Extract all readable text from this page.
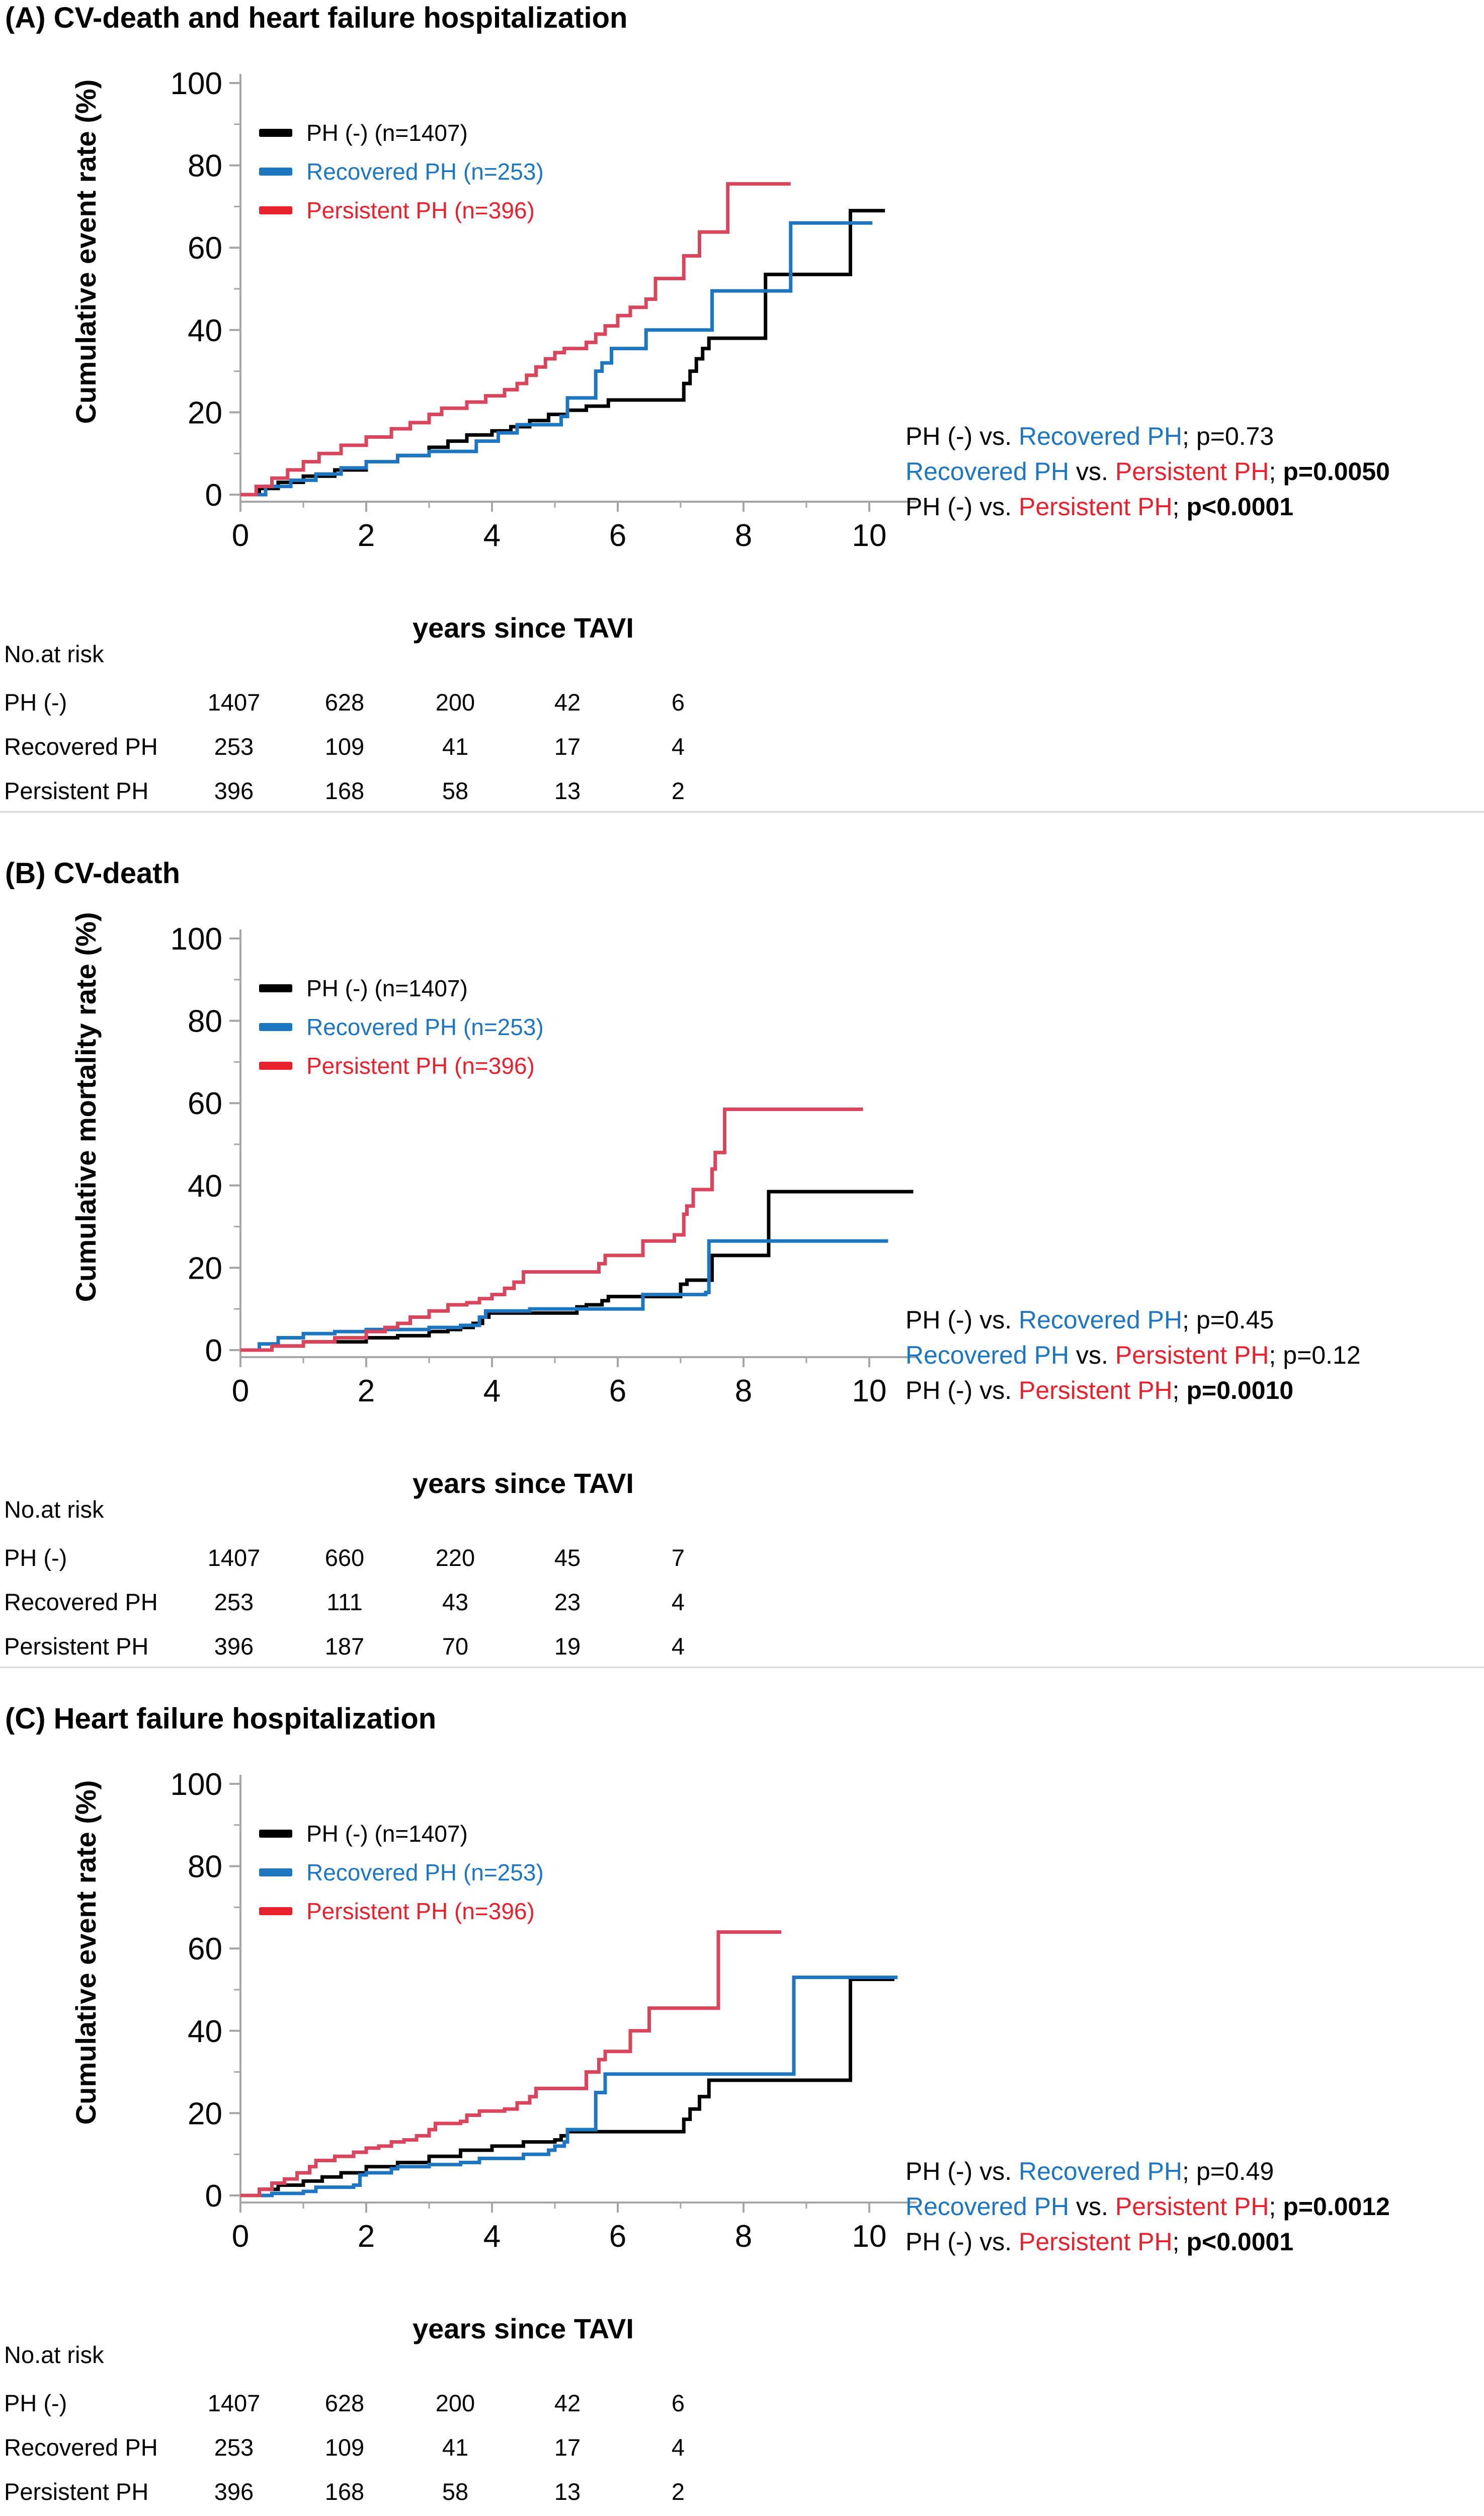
(A) CV-death and heart failure hospitalization
Cumulative event rate (%)
0
20
40
60
80
100
0	2	4	6	8	10
PH (-) (n=1407)
Recovered PH (n=253)
Persistent PH (n=396)
PH (-) vs. Recovered PH; p=0.73
Recovered PH vs. Persistent PH; p=0.0050
PH (-) vs. Persistent PH; p<0.0001
years since TAVI
No.at risk
PH (-)	1407	628	200	42	6
Recovered PH	253	109	41	17	4
Persistent PH	396	168	58	13	2
(B) CV-death
Cumulative mortality rate (%)
0
20
40
60
80
100
0	2	4	6	8	10
PH (-) (n=1407)
Recovered PH (n=253)
Persistent PH (n=396)
PH (-) vs. Recovered PH; p=0.45
Recovered PH vs. Persistent PH; p=0.12
PH (-) vs. Persistent PH; p=0.0010
years since TAVI
No.at risk
PH (-)	1407	660	220	45	7
Recovered PH	253	111	43	23	4
Persistent PH	396	187	70	19	4
(C) Heart failure hospitalization
Cumulative event rate (%)
0
20
40
60
80
100
0	2	4	6	8	10
PH (-) (n=1407)
Recovered PH (n=253)
Persistent PH (n=396)
PH (-) vs. Recovered PH; p=0.49
Recovered PH vs. Persistent PH; p=0.0012
PH (-) vs. Persistent PH; p<0.0001
years since TAVI
No.at risk
PH (-)	1407	628	200	42	6
Recovered PH	253	109	41	17	4
Persistent PH	396	168	58	13	2
